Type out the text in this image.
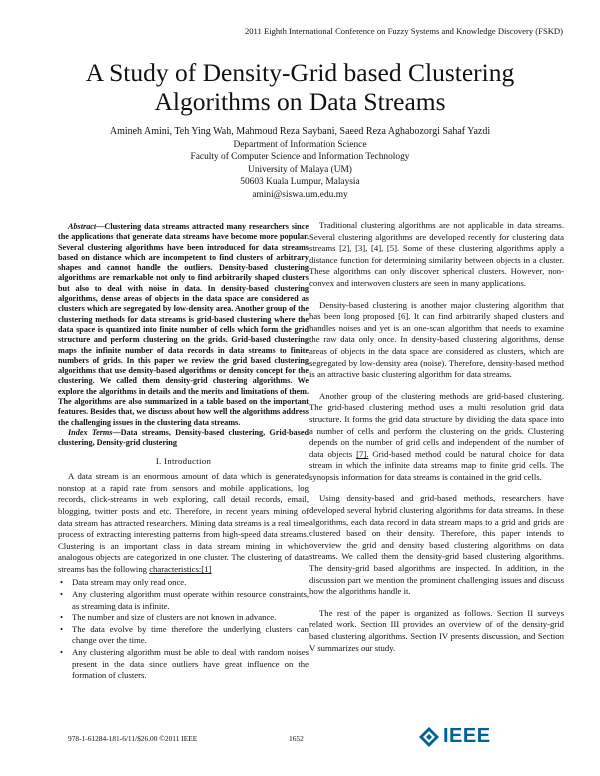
2011 Eighth International Conference on Fuzzy Systems and Knowledge Discovery (FSKD)
A Study of Density-Grid based Clustering
Algorithms on Data Streams
Amineh Amini, Teh Ying Wah, Mahmoud Reza Saybani, Saeed Reza Aghabozorgi Sahaf Yazdi
Department of Information Science
Faculty of Computer Science and Information Technology
University of Malaya (UM)
50603 Kuala Lumpur, Malaysia
amini@siswa.um.edu.my

Abstract—Clustering data streams attracted many researchers since the applications that generate data streams have become more popular. Several clustering algorithms have been introduced for data streams based on distance which are incompetent to find clusters of arbitrary shapes and cannot handle the outliers. Density-based clustering algorithms are remarkable not only to find arbitrarily shaped clusters but also to deal with noise in data. In density-based clustering algorithms, dense areas of objects in the data space are considered as clusters which are segregated by low-density area. Another group of the clustering methods for data streams is grid-based clustering where the data space is quantized into finite number of cells which form the grid structure and perform clustering on the grids. Grid-based clustering maps the infinite number of data records in data streams to finite numbers of grids. In this paper we review the grid based clustering algorithms that use density-based algorithms or density concept for the clustering. We called them density-grid clustering algorithms. We explore the algorithms in details and the merits and limitations of them. The algorithms are also summarized in a table based on the important features. Besides that, we discuss about how well the algorithms address the challenging issues in the clustering data streams.

Index Terms—Data streams, Density-based clustering, Grid-based clustering, Density-grid clustering

I. Introduction

A data stream is an enormous amount of data which is generated nonstop at a rapid rate from sensors and mobile applications, log records, click-streams in web exploring, call detail records, email, blogging, twitter posts and etc. Therefore, in recent years mining of data stream has attracted researchers. Mining data streams is a real time process of extracting interesting patterns from high-speed data streams. Clustering is an important class in data stream mining in which analogous objects are categorized in one cluster. The clustering of data streams has the following characteristics:[1]

• Data stream may only read once.
• Any clustering algorithm must operate within resource constraints, as streaming data is infinite.
• The number and size of clusters are not known in advance.
• The data evolve by time therefore the underlying clusters can change over the time.
• Any clustering algorithm must be able to deal with random noises present in the data since outliers have great influence on the formation of clusters.

Traditional clustering algorithms are not applicable in data streams. Several clustering algorithms are developed recently for clustering data streams [2], [3], [4], [5]. Some of these clustering algorithms apply a distance function for determining similarity between objects in a cluster. These algorithms can only discover spherical clusters. However, non-convex and interwoven clusters are seen in many applications.

Density-based clustering is another major clustering algorithm that has been long proposed [6]. It can find arbitrarily shaped clusters and handles noises and yet is an one-scan algorithm that needs to examine the raw data only once. In density-based clustering algorithms, dense areas of objects in the data space are considered as clusters, which are segregated by low-density area (noise). Therefore, density-based method is an attractive basic clustering algorithm for data streams.

Another group of the clustering methods are grid-based clustering. The grid-based clustering method uses a multi resolution grid data structure. It forms the grid data structure by dividing the data space into a number of cells and perform the clustering on the grids. Clustering depends on the number of grid cells and independent of the number of data objects [7]. Grid-based method could be natural choice for data stream in which the infinite data streams map to finite grid cells. The synopsis information for data streams is contained in the grid cells.

Using density-based and grid-based methods, researchers have developed several hybrid clustering algorithms for data streams. In these algorithms, each data record in data stream maps to a grid and grids are clustered based on their density. Therefore, this paper intends to overview the grid and density based clustering algorithms on data streams. We called them the density-grid based clustering algorithms. The density-grid based algorithms are inspected. In addition, in the discussion part we mention the prominent challenging issues and discuss how the algorithms handle it.

The rest of the paper is organized as follows. Section II surveys related work. Section III provides an overview of of the density-grid based clustering algorithms. Section IV presents discussion, and Section V summarizes our study.

978-1-61284-181-6/11/$26.00 ©2011 IEEE	1652	IEEE
